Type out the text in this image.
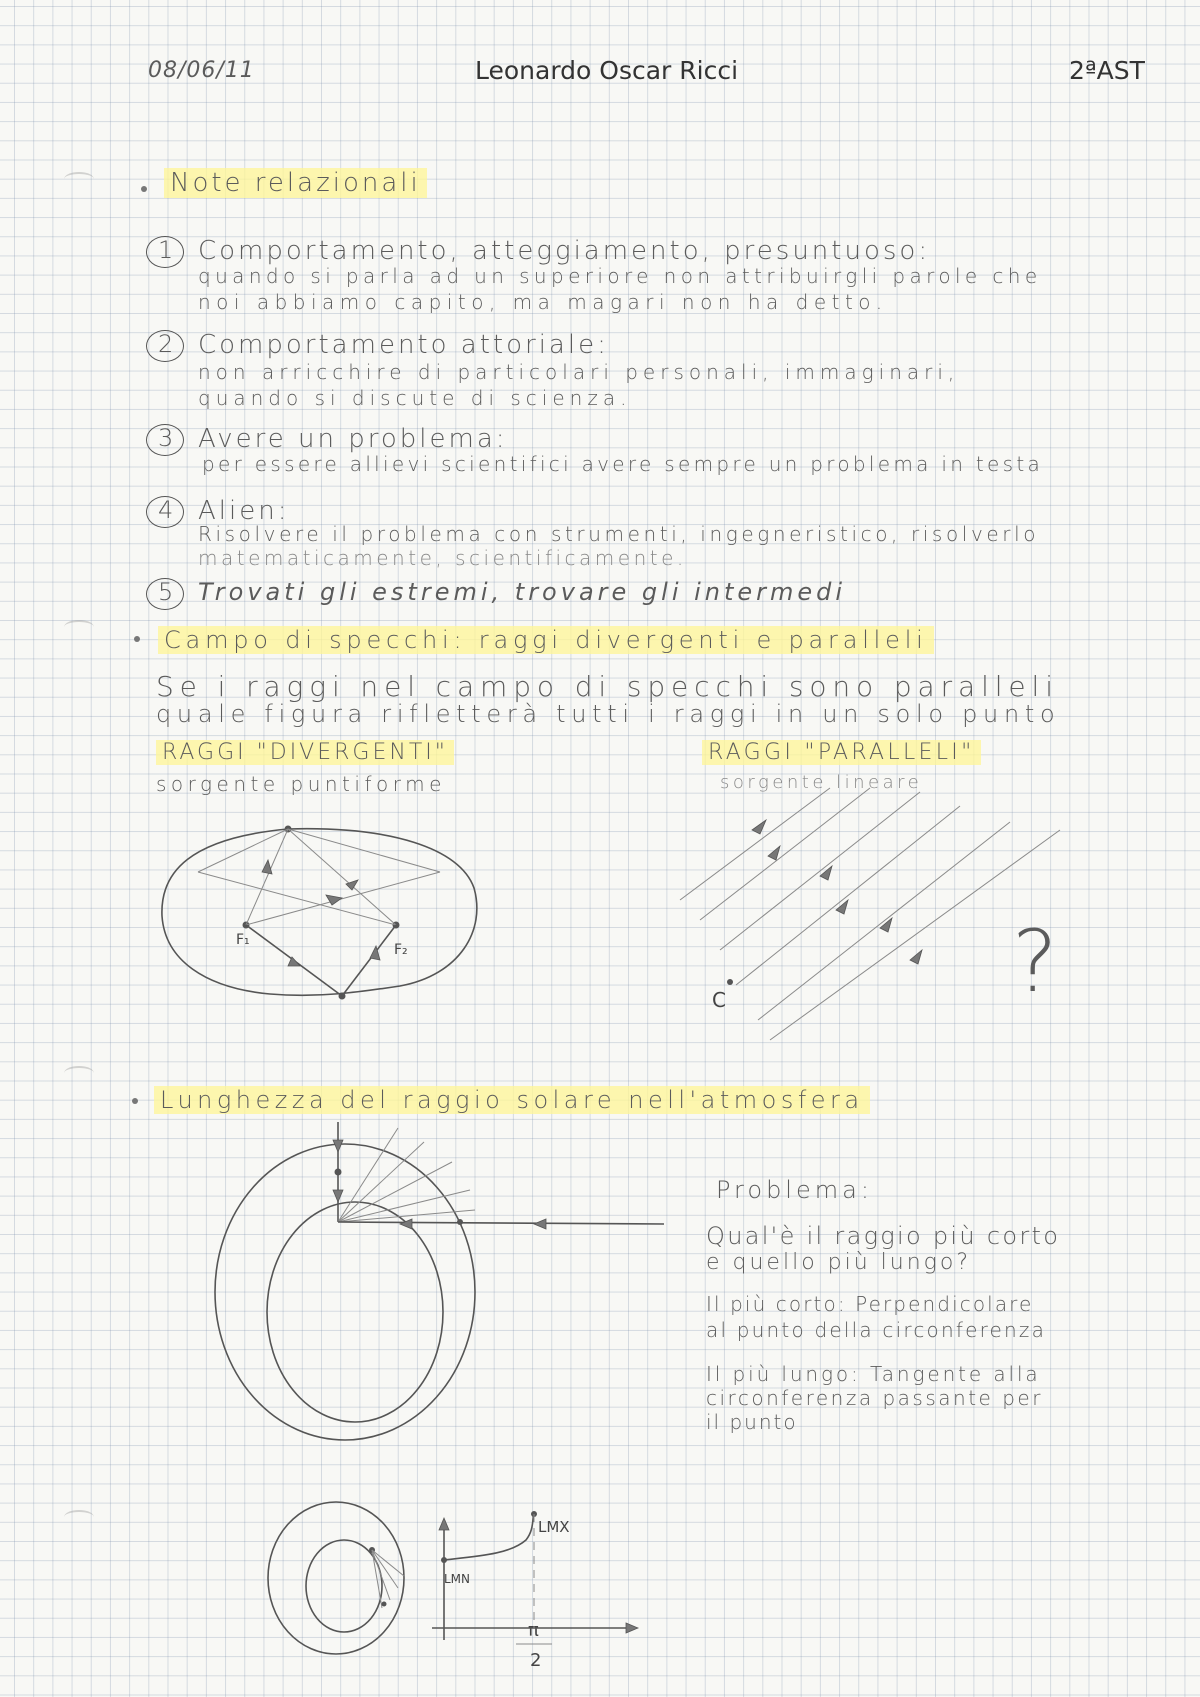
08/06/11	Leonardo Oscar Ricci	2ªAST
Note relazionali
1 Comportamento, atteggiamento, presuntuoso:
quando si parla ad un superiore non attribuirgli parole che
noi abbiamo capito, ma magari non ha detto.
2 Comportamento attoriale:
non arricchire di particolari personali, immaginari,
quando si discute di scienza.
3 Avere un problema:
per essere allievi scientifici avere sempre un problema in testa
4 Alien:
Risolvere il problema con strumenti, ingegneristico, risolverlo
matematicamente, scientificamente.
5 Trovati gli estremi, trovare gli intermedi
Campo di specchi: raggi divergenti e paralleli
Se i raggi nel campo di specchi sono paralleli
quale figura rifletterà tutti i raggi in un solo punto
RAGGI "DIVERGENTI"
sorgente puntiforme
RAGGI "PARALLELI"
sorgente lineare
F₁
F₂
C	?
Lunghezza del raggio solare nell'atmosfera
Problema:
Qual'è il raggio più corto
e quello più lungo?
Il più corto: Perpendicolare
al punto della circonferenza
Il più lungo: Tangente alla
circonferenza passante per
il punto
LMX
LMN
π
2
